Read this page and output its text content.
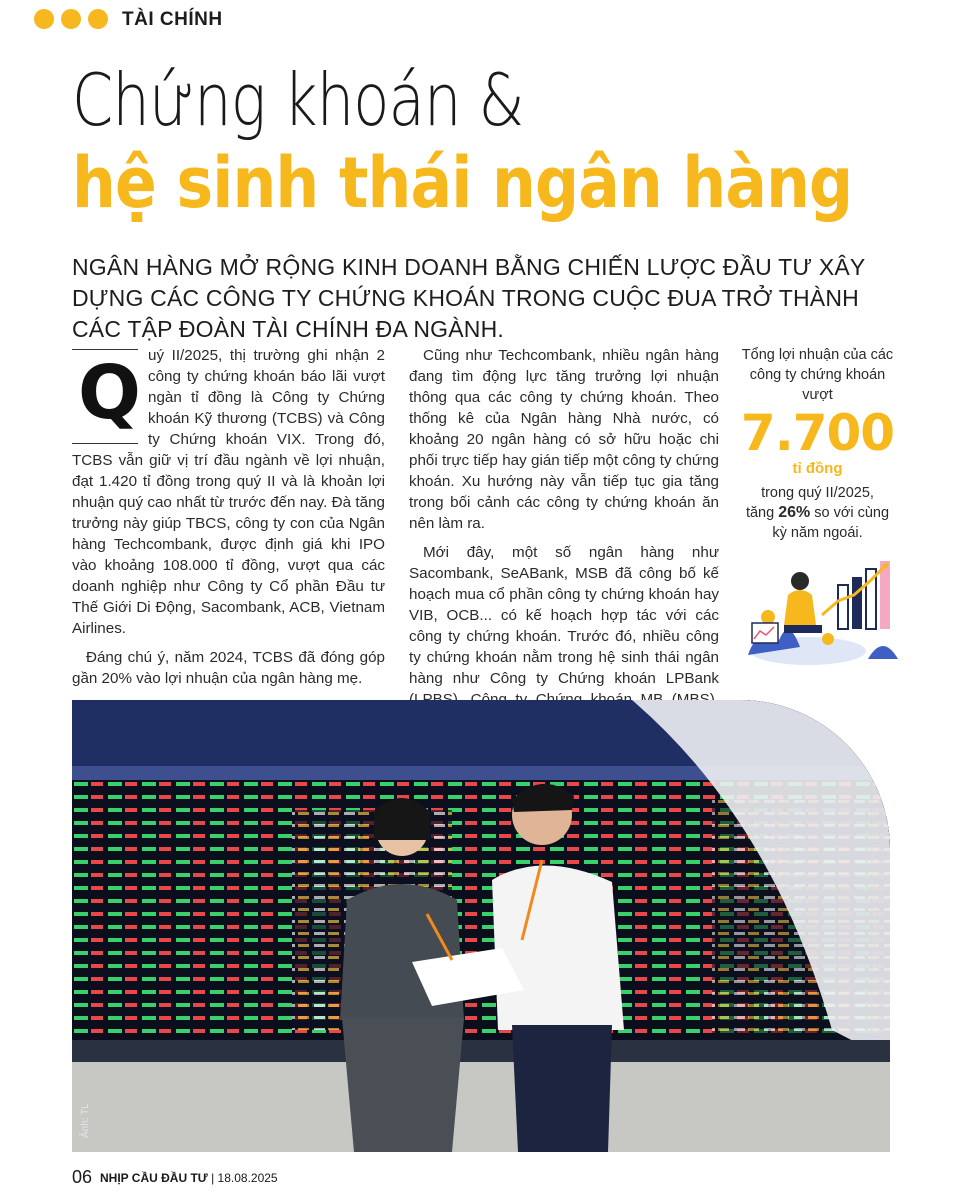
TÀI CHÍNH
Chứng khoán &
hệ sinh thái ngân hàng
NGÂN HÀNG MỞ RỘNG KINH DOANH BẰNG CHIẾN LƯỢC ĐẦU TƯ XÂY DỰNG CÁC CÔNG TY CHỨNG KHOÁN TRONG CUỘC ĐUA TRỞ THÀNH CÁC TẬP ĐOÀN TÀI CHÍNH ĐA NGÀNH.
Q uý II/2025, thị trường ghi nhận 2 công ty chứng khoán báo lãi vượt ngàn tỉ đồng là Công ty Chứng khoán Kỹ thương (TCBS) và Công ty Chứng khoán VIX. Trong đó, TCBS vẫn giữ vị trí đầu ngành về lợi nhuận, đạt 1.420 tỉ đồng trong quý II và là khoản lợi nhuận quý cao nhất từ trước đến nay. Đà tăng trưởng này giúp TBCS, công ty con của Ngân hàng Techcombank, được định giá khi IPO vào khoảng 108.000 tỉ đồng, vượt qua các doanh nghiệp như Công ty Cổ phần Đầu tư Thế Giới Di Động, Sacombank, ACB, Vietnam Airlines.

Đáng chú ý, năm 2024, TCBS đã đóng góp gần 20% vào lợi nhuận của ngân hàng mẹ.

Cũng như Techcombank, nhiều ngân hàng đang tìm động lực tăng trưởng lợi nhuận thông qua các công ty chứng khoán. Theo thống kê của Ngân hàng Nhà nước, có khoảng 20 ngân hàng có sở hữu hoặc chi phối trực tiếp hay gián tiếp một công ty chứng khoán. Xu hướng này vẫn tiếp tục gia tăng trong bối cảnh các công ty chứng khoán ăn nên làm ra.

Mới đây, một số ngân hàng như Sacombank, SeABank, MSB đã công bố kế hoạch mua cổ phần công ty chứng khoán hay VIB, OCB... có kế hoạch hợp tác với các công ty chứng khoán. Trước đó, nhiều công ty chứng khoán nằm trong hệ sinh thái ngân hàng như Công ty Chứng khoán LPBank

Tổng lợi nhuận của các công ty chứng khoán vượt
7.700
tỉ đồng
trong quý II/2025,
tăng 26% so với cùng kỳ năm ngoái.
Ảnh: TL
06 NHỊP CẦU ĐẦU TƯ | 18.08.2025
